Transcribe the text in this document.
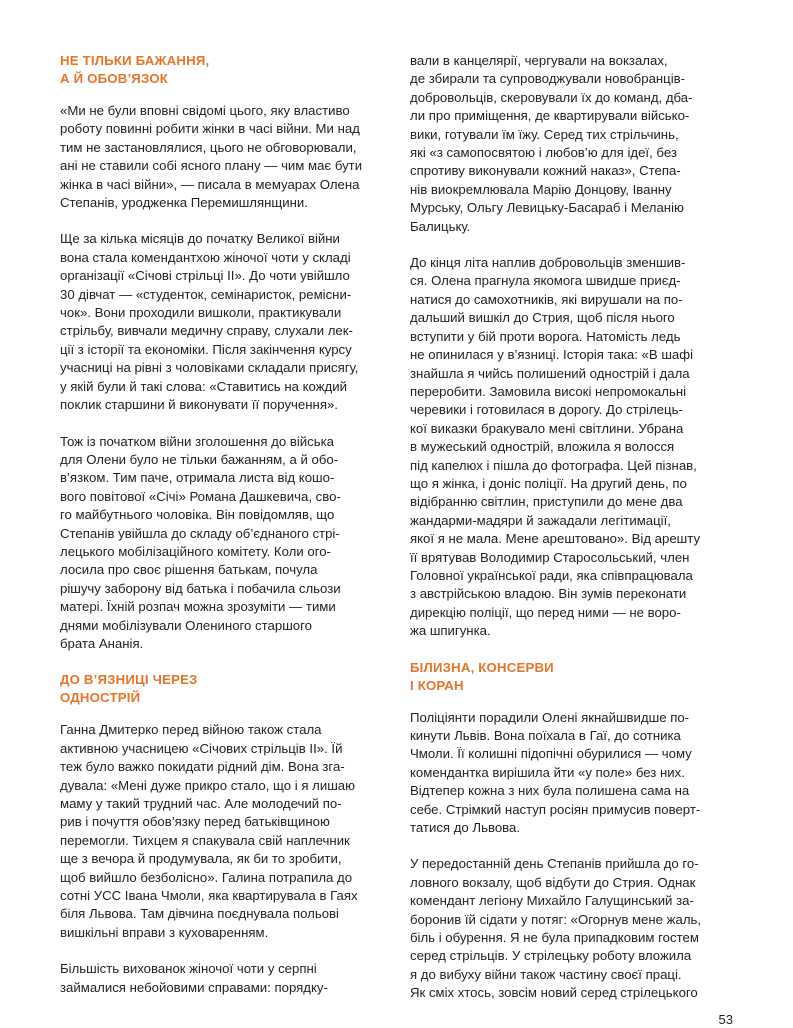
НЕ ТІЛЬКИ БАЖАННЯ,
А Й ОБОВ’ЯЗОК

«Ми не були вповні свідомі цього, яку властиво
роботу повинні робити жінки в часі війни. Ми над
тим не застановлялися, цього не обговорювали,
ані не ставили собі ясного плану — чим має бути
жінка в часі війни», — писала в мемуарах Олена
Степанів, уродженка Перемишлянщини.

Ще за кілька місяців до початку Великої війни
вона стала комендантхою жіночої чоти у складі
організації «Січові стрільці ІІ». До чоти увійшло
30 дівчат — «студенток, семінаристок, ремісни-
чок». Вони проходили вишколи, практикували
стрільбу, вивчали медичну справу, слухали лек-
ції з історії та економіки. Після закінчення курсу
учасниці на рівні з чоловіками складали присягу,
у якій були й такі слова: «Ставитись на кождий
поклик старшини й виконувати її поручення».

Тож із початком війни зголошення до війська
для Олени було не тільки бажанням, а й обо-
в’язком. Тим паче, отримала листа від кошо-
вого повітової «Січі» Романа Дашкевича, сво-
го майбутнього чоловіка. Він повідомляв, що
Степанів увійшла до складу об’єднаного стрі-
лецького мобілізаційного комітету. Коли ого-
лосила про своє рішення батькам, почула
рішучу заборону від батька і побачила сльози
матері. Їхній розпач можна зрозуміти — тими
днями мобілізували Олениного старшого
брата Ананія.

ДО В’ЯЗНИЦІ ЧЕРЕЗ
ОДНОСТРІЙ

Ганна Дмитерко перед війною також стала
активною учасницею «Січових стрільців ІІ». Їй
теж було важко покидати рідний дім. Вона зга-
дувала: «Мені дуже прикро стало, що і я лишаю
маму у такий трудний час. Але молодечий по-
рив і почуття обов’язку перед батьківщиною
перемогли. Тихцем я спакувала свій наплечник
ще з вечора й продумувала, як би то зробити,
щоб вийшло безболісно». Галина потрапила до
сотні УСС Івана Чмоли, яка квартирувала в Гаях
біля Львова. Там дівчина поєднувала польові
вишкільні вправи з куховаренням.

Більшість вихованок жіночої чоти у серпні
займалися небойовими справами: порядку-

вали в канцелярії, чергували на вокзалах,
де збирали та супроводжували новобранців-
добровольців, скеровували їх до команд, дба-
ли про приміщення, де квартирували військо-
вики, готували їм їжу. Серед тих стрільчинь,
які «з самопосвятою і любов’ю для ідеї, без
спротиву виконували кожний наказ», Степа-
нів виокремлювала Марію Донцову, Іванну
Мурську, Ольгу Левицьку-Басараб і Меланію
Балицьку.

До кінця літа наплив добровольців зменшив-
ся. Олена прагнула якомога швидше приєд-
натися до самохотників, які вирушали на по-
дальший вишкіл до Стрия, щоб після нього
вступити у бій проти ворога. Натомість ледь
не опинилася у в’язниці. Історія така: «В шафі
знайшла я чийсь полишений однострій і дала
переробити. Замовила високі непромокальні
черевики і готовилася в дорогу. До стрілець-
кої виказки бракувало мені світлини. Убрана
в мужеський однострій, вложила я волосся
під капелюх і пішла до фотографа. Цей пізнав,
що я жінка, і доніс поліції. На другий день, по
відібранню світлин, приступили до мене два
жандарми-мадяри й зажадали легітимації,
якої я не мала. Мене арештовано». Від арешту
її врятував Володимир Старосольський, член
Головної української ради, яка співпрацювала
з австрійською владою. Він зумів переконати
дирекцію поліції, що перед ними — не воро-
жа шпигунка.

БІЛИЗНА, КОНСЕРВИ
І КОРАН

Поліціянти порадили Олені якнайшвидше по-
кинути Львів. Вона поїхала в Гаї, до сотника
Чмоли. Її колишні підопічні обурилися — чому
комендантка вирішила йти «у поле» без них.
Відтепер кожна з них була полишена сама на
себе. Стрімкий наступ росіян примусив поверт-
татися до Львова.

У передостанній день Степанів прийшла до го-
ловного вокзалу, щоб відбути до Стрия. Однак
комендант легіону Михайло Галущинський за-
боронив їй сідати у потяг: «Огорнув мене жаль,
біль і обурення. Я не була припадковим гостем
серед стрільців. У стрілецьку роботу вложила
я до вибуху війни також частину своєї праці.
Як сміх хтось, зовсім новий серед стрілецького

53
